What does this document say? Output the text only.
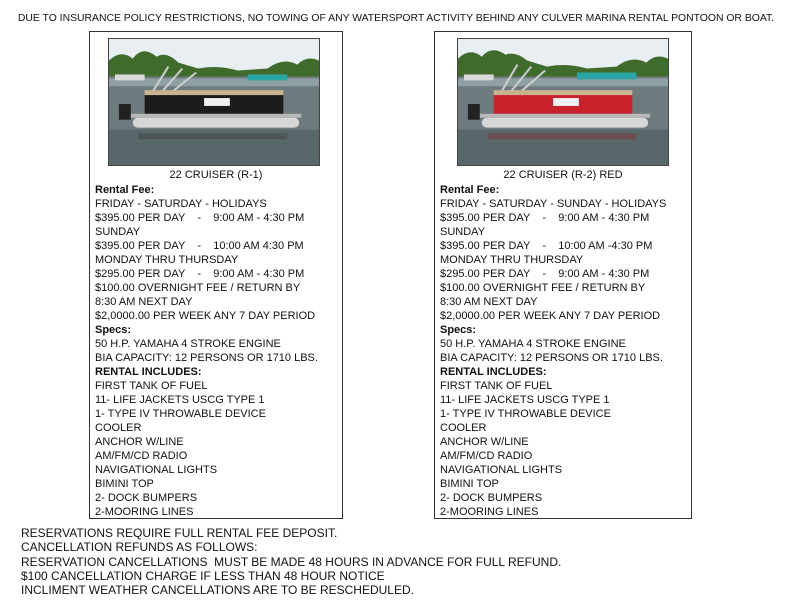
DUE TO INSURANCE POLICY RESTRICTIONS, NO TOWING OF ANY WATERSPORT ACTIVITY BEHIND ANY CULVER MARINA RENTAL PONTOON OR BOAT.
22 CRUISER (R-1)
Rental Fee:
FRIDAY - SATURDAY - HOLIDAYS
$395.00 PER DAY    -    9:00 AM - 4:30 PM
SUNDAY
$395.00 PER DAY    -    10:00 AM 4:30 PM
MONDAY THRU THURSDAY
$295.00 PER DAY    -    9:00 AM - 4:30 PM
$100.00 OVERNIGHT FEE / RETURN BY
8:30 AM NEXT DAY
$2,0000.00 PER WEEK ANY 7 DAY PERIOD
Specs:
50 H.P. YAMAHA 4 STROKE ENGINE
BIA CAPACITY: 12 PERSONS OR 1710 LBS.
RENTAL INCLUDES:
FIRST TANK OF FUEL
11- LIFE JACKETS USCG TYPE 1
1- TYPE IV THROWABLE DEVICE
COOLER
ANCHOR W/LINE
AM/FM/CD RADIO
NAVIGATIONAL LIGHTS
BIMINI TOP
2- DOCK BUMPERS
2-MOORING LINES
22 CRUISER (R-2) RED
Rental Fee:
FRIDAY - SATURDAY - SUNDAY - HOLIDAYS
$395.00 PER DAY    -    9:00 AM - 4:30 PM
SUNDAY
$395.00 PER DAY    -    10:00 AM -4:30 PM
MONDAY THRU THURSDAY
$295.00 PER DAY    -    9:00 AM - 4:30 PM
$100.00 OVERNIGHT FEE / RETURN BY
8:30 AM NEXT DAY
$2,0000.00 PER WEEK ANY 7 DAY PERIOD
Specs:
50 H.P. YAMAHA 4 STROKE ENGINE
BIA CAPACITY: 12 PERSONS OR 1710 LBS.
RENTAL INCLUDES:
FIRST TANK OF FUEL
11- LIFE JACKETS USCG TYPE 1
1- TYPE IV THROWABLE DEVICE
COOLER
ANCHOR W/LINE
AM/FM/CD RADIO
NAVIGATIONAL LIGHTS
BIMINI TOP
2- DOCK BUMPERS
2-MOORING LINES
RESERVATIONS REQUIRE FULL RENTAL FEE DEPOSIT.
CANCELLATION REFUNDS AS FOLLOWS:
RESERVATION CANCELLATIONS  MUST BE MADE 48 HOURS IN ADVANCE FOR FULL REFUND.
$100 CANCELLATION CHARGE IF LESS THAN 48 HOUR NOTICE
INCLIMENT WEATHER CANCELLATIONS ARE TO BE RESCHEDULED.
